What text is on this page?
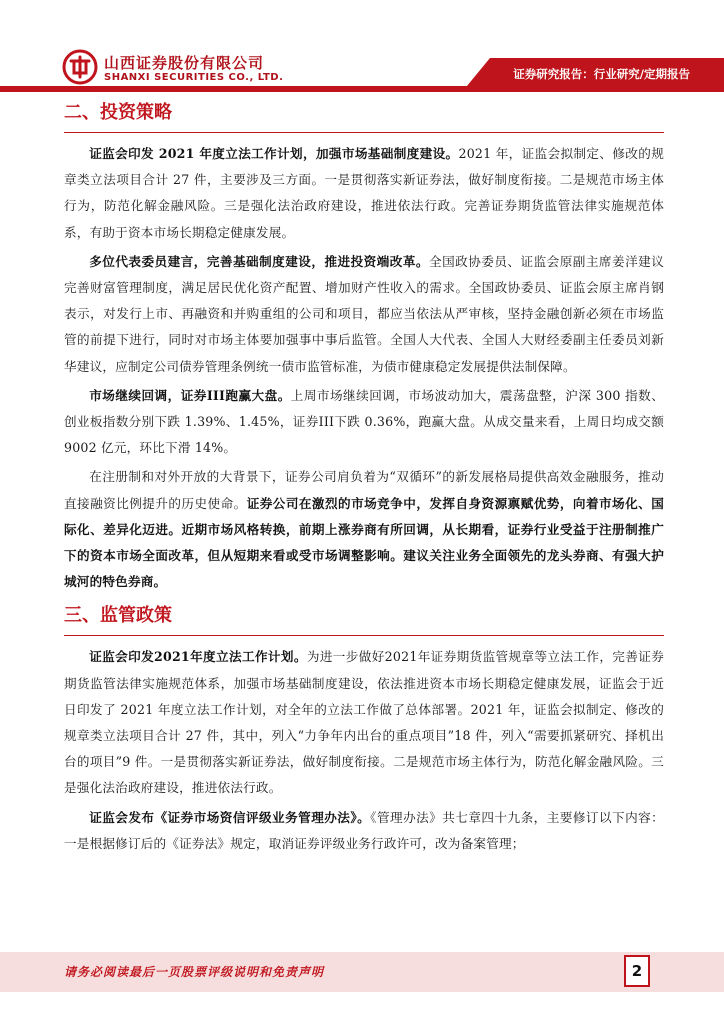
山西证券股份有限公司
SHANXI SECURITIES CO., LTD.	证券研究报告：行业研究/定期报告
二、投资策略

证监会印发 2021 年度立法工作计划，加强市场基础制度建设。2021 年，证监会拟制定、修改的规章类立法项目合计 27 件，主要涉及三方面。一是贯彻落实新证券法，做好制度衔接。二是规范市场主体行为，防范化解金融风险。三是强化法治政府建设，推进依法行政。完善证券期货监管法律实施规范体系，有助于资本市场长期稳定健康发展。

多位代表委员建言，完善基础制度建设，推进投资端改革。全国政协委员、证监会原副主席姜洋建议完善财富管理制度，满足居民优化资产配置、增加财产性收入的需求。全国政协委员、证监会原主席肖钢表示，对发行上市、再融资和并购重组的公司和项目，都应当依法从严审核，坚持金融创新必须在市场监管的前提下进行，同时对市场主体要加强事中事后监管。全国人大代表、全国人大财经委副主任委员刘新华建议，应制定公司债券管理条例统一债市监管标准，为债市健康稳定发展提供法制保障。

市场继续回调，证券III跑赢大盘。上周市场继续回调，市场波动加大，震荡盘整，沪深 300 指数、创业板指数分别下跌 1.39%、1.45%，证券III下跌 0.36%，跑赢大盘。从成交量来看，上周日均成交额 9002 亿元，环比下滑 14%。

在注册制和对外开放的大背景下，证券公司肩负着为“双循环”的新发展格局提供高效金融服务，推动直接融资比例提升的历史使命。证券公司在激烈的市场竞争中，发挥自身资源禀赋优势，向着市场化、国际化、差异化迈进。近期市场风格转换，前期上涨券商有所回调，从长期看，证券行业受益于注册制推广下的资本市场全面改革，但从短期来看或受市场调整影响。建议关注业务全面领先的龙头券商、有强大护城河的特色券商。

三、监管政策

证监会印发2021年度立法工作计划。为进一步做好2021年证券期货监管规章等立法工作，完善证券期货监管法律实施规范体系，加强市场基础制度建设，依法推进资本市场长期稳定健康发展，证监会于近日印发了 2021 年度立法工作计划，对全年的立法工作做了总体部署。2021 年，证监会拟制定、修改的规章类立法项目合计 27 件，其中，列入“力争年内出台的重点项目”18 件，列入“需要抓紧研究、择机出台的项目”9 件。一是贯彻落实新证券法，做好制度衔接。二是规范市场主体行为，防范化解金融风险。三是强化法治政府建设，推进依法行政。

证监会发布《证券市场资信评级业务管理办法》。《管理办法》共七章四十九条，主要修订以下内容：一是根据修订后的《证券法》规定，取消证券评级业务行政许可，改为备案管理；

请务必阅读最后一页股票评级说明和免责声明	2
